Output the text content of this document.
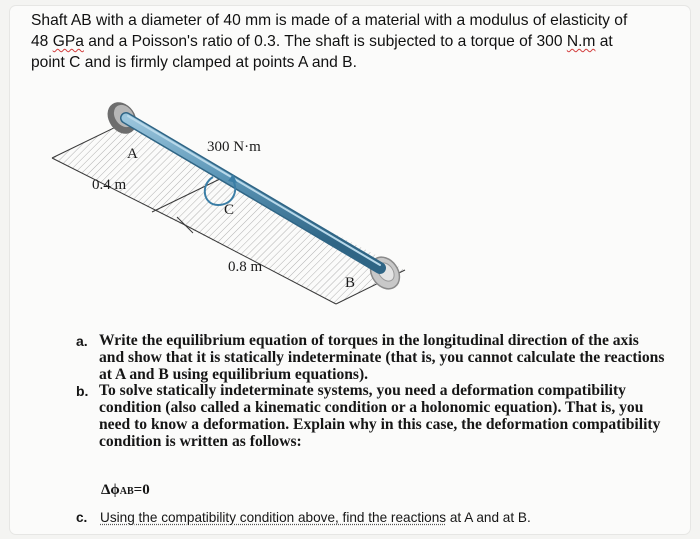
Shaft AB with a diameter of 40 mm is made of a material with a modulus of elasticity of
48 GPa and a Poisson's ratio of 0.3. The shaft is subjected to a torque of 300 N.m at
point C and is firmly clamped at points A and B.

A	300 N·m
C
0.4 m
0.8 m
B
a. Write the equilibrium equation of torques in the longitudinal direction of the axis and show that it is statically indeterminate (that is, you cannot calculate the reactions at A and B using equilibrium equations).
b. To solve statically indeterminate systems, you need a deformation compatibility condition (also called a kinematic condition or a holonomic equation). That is, you need to know a deformation. Explain why in this case, the deformation compatibility condition is written as follows:
ΔϕAB=0
c. Using the compatibility condition above, find the reactions at A and at B.
